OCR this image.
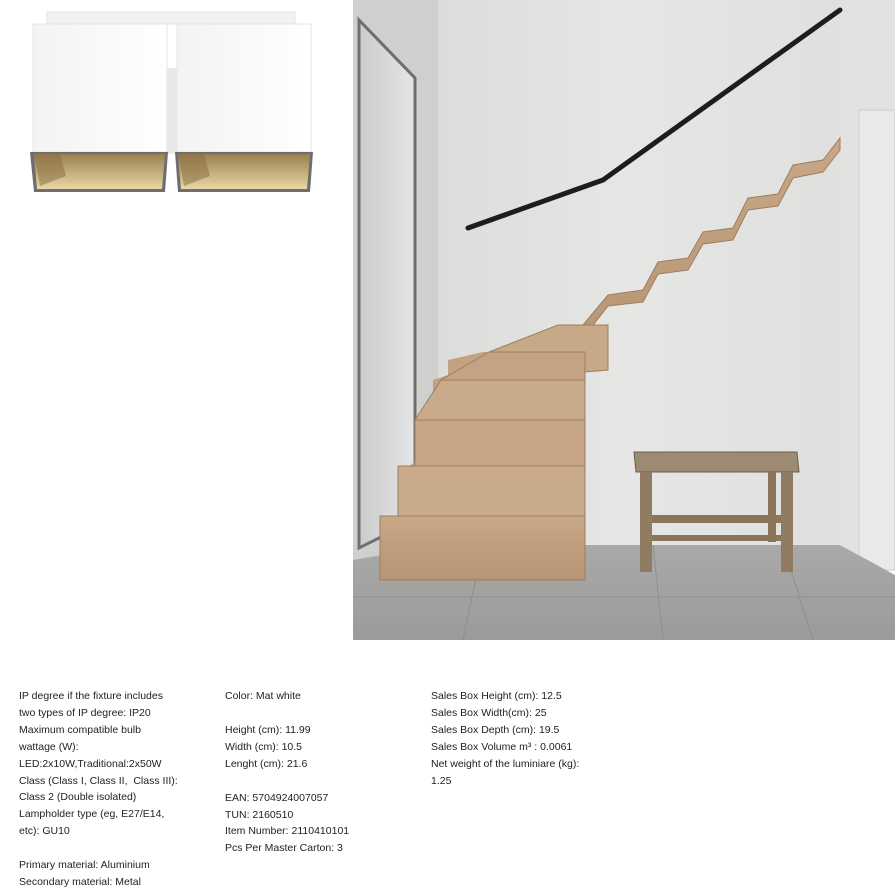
IP degree if the fixture includes
two types of IP degree: IP20
Maximum compatible bulb
wattage (W):
LED:2x10W,Traditional:2x50W
Class (Class I, Class II,  Class III):
Class 2 (Double isolated)
Lampholder type (eg, E27/E14,
etc): GU10
Primary material: Aluminium
Secondary material: Metal
Color: Mat white
Height (cm): 11.99
Width (cm): 10.5
Lenght (cm): 21.6
EAN: 5704924007057
TUN: 2160510
Item Number: 2110410101
Pcs Per Master Carton: 3
Sales Box Height (cm): 12.5
Sales Box Width(cm): 25
Sales Box Depth (cm): 19.5
Sales Box Volume m³ : 0.0061
Net weight of the luminiare (kg):
1.25
